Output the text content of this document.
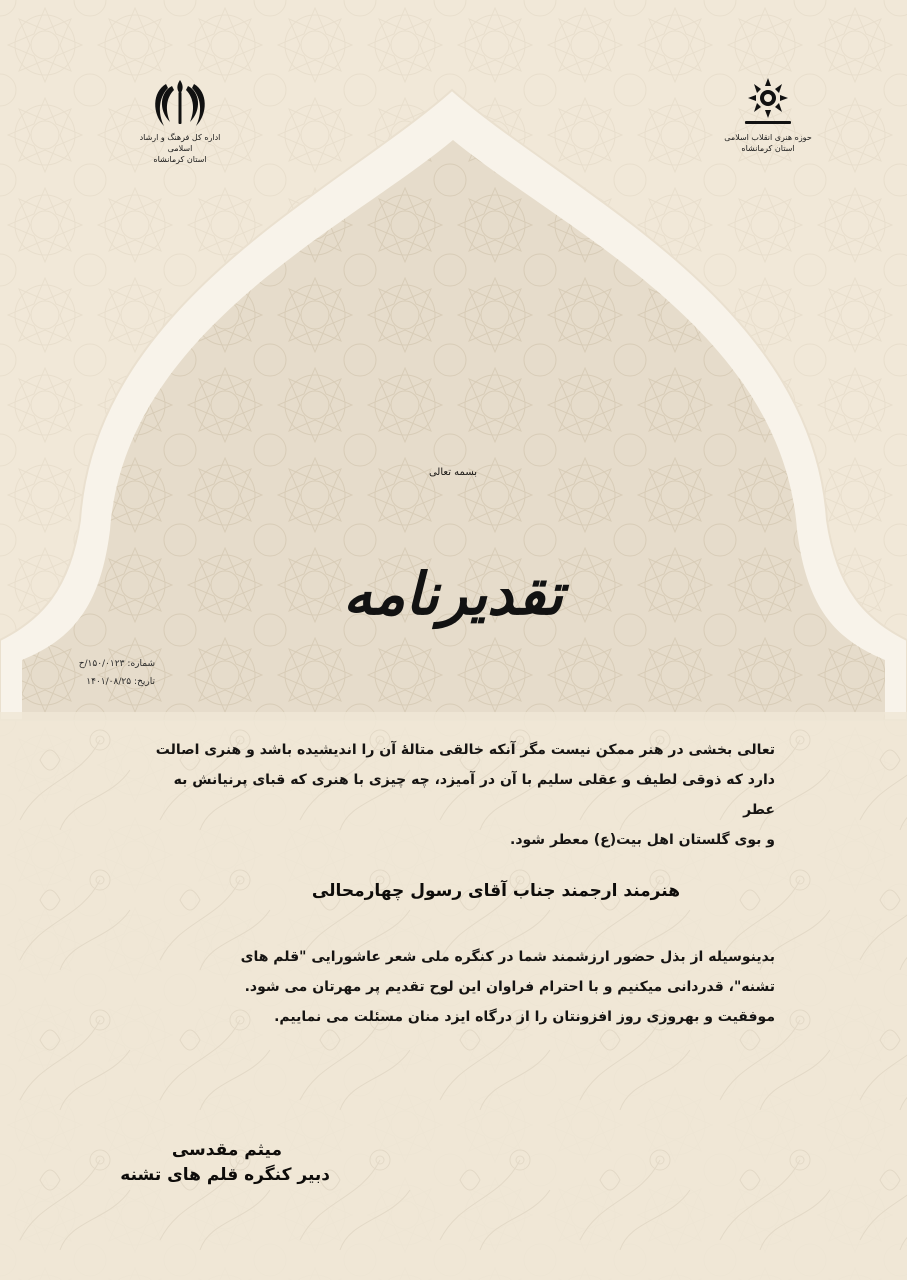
اداره کل فرهنگ و ارشاد اسلامی
استان کرمانشاه
حوزه هنری انقلاب اسلامی
استان کرمانشاه
بسمه تعالی
تقدیرنامه
شماره:۱۵۰/۰۱۲۳/ح
تاریخ:۱۴۰۱/۰۸/۲۵
تعالی بخشی در هنر ممکن نیست مگر آنکه خالقی متالهٔ آن را اندیشیده باشد و هنری اصالت
دارد که ذوقی لطیف و عقلی سلیم با آن در آمیزد، چه چیزی با هنری که قبای پرنیانش به عطر
و بوی گلستان اهل بیت(ع) معطر شود.
هنرمند ارجمند جناب آقای رسول چهارمحالی
بدینوسیله از بذل حضور ارزشمند شما در کنگره ملی شعر عاشورایی "قلم های
تشنه"، قدردانی میکنیم و با احترام فراوان این لوح تقدیم پر مهرتان می شود.
موفقیت و بهروزی روز افزونتان را از درگاه ایزد منان مسئلت می نماییم.
میثم مقدسی
دبیر کنگره قلم های تشنه
